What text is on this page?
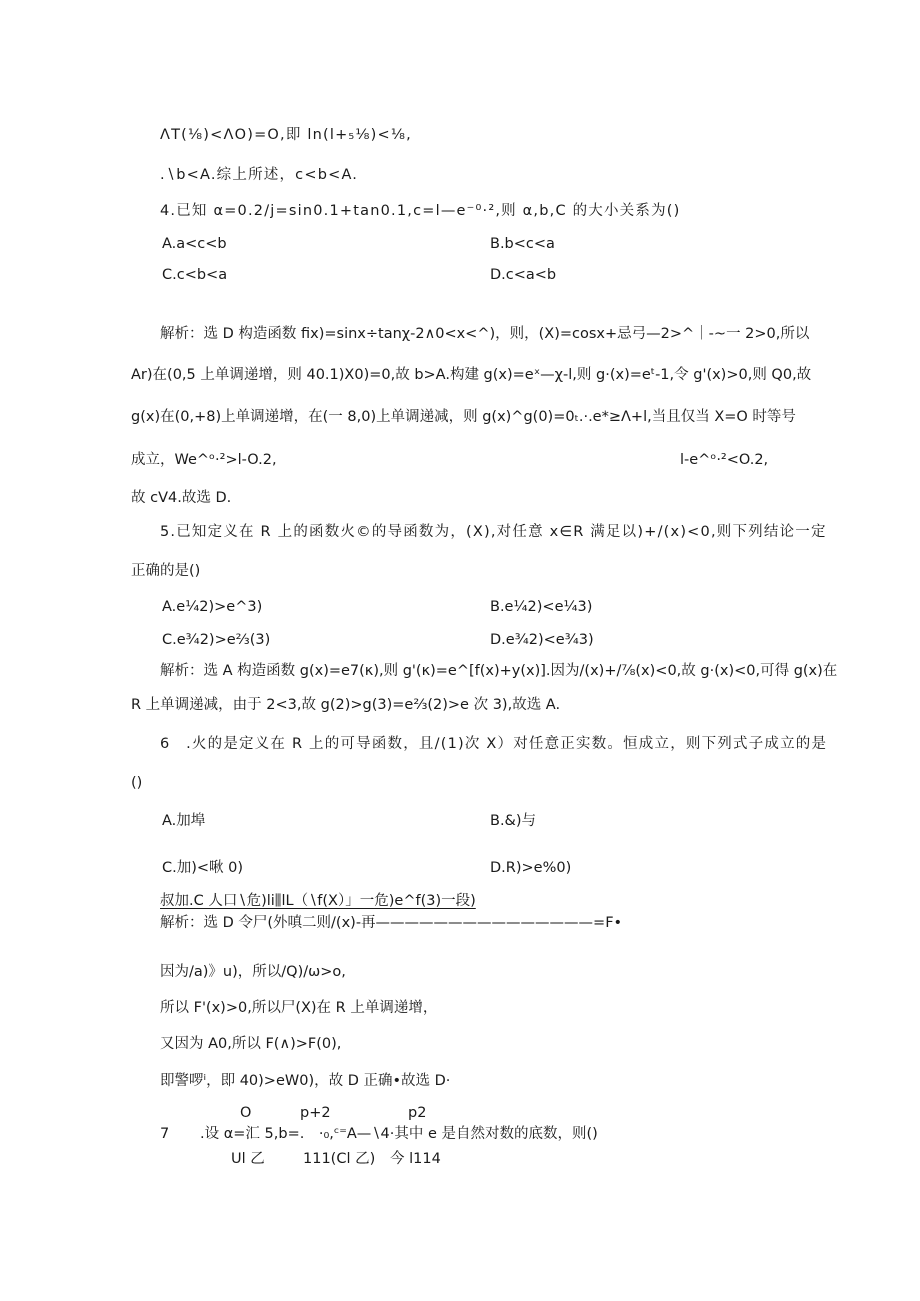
ΛT(⅛)<ΛO)=O,即 ln(l+₅⅛)<⅛,
.∖b<A.综上所述，c<b<A.
4.已知 α=0.2∕j=sin0.1+tan0.1,c=l—e⁻⁰·²,则 α,b,C 的大小关系为()
A.a<c<b	B.b<c<a
C.c<b<a	D.c<a<b
解析：选 D 构造函数 fix)=sinx÷tanχ-2∧0<x<^)，则，(X)=cosx+忌弓—2>^｜-~一 2>0,所以
Ar)在(0,5 上单调递增，则 40.1)X0)=0,故 b>A.构建 g(x)=eˣ—χ-l,则 g·(x)=eᵗ-1,令 g'(x)>0,则 Q0,故
g(x)在(0,+8)上单调递增，在(一 8,0)上单调递减，则 g(x)^g(0)=0ₜ.·.e*≥Λ+l,当且仅当 X=O 时等号
成立，We^ᵒ·²>l-O.2,	l-e^ᵒ·²<O.2,
故 cV4.故选 D.
5.已知定义在 R 上的函数火©的导函数为，(X),对任意 x∈R 满足以)+∕(x)<0,则下列结论一定
正确的是()
A.e¼2)>e^3)	B.e¼2)<e¼3)
C.e¾2)>e⅔(3)	D.e¾2)<e¾3)
解析：选 A 构造函数 g(x)=e7(κ),则 g'(κ)=e^[f(x)+y(x)].因为∕(x)+∕⅞(x)<0,故 g·(x)<0,可得 g(x)在
R 上单调递减，由于 2<3,故 g(2)>g(3)=e⅔(2)>e 次 3),故选 A.
6　.火的是定义在 R 上的可导函数，且/(1)次 X）对任意正实数。恒成立，则下列式子成立的是
()
A.加埠	B.&)与
C.加)<啾 0)	D.R)>e%0)
叔加.C 人口∖危)li⫼lL（∖f(X）」一危)e^f(3)一段)
解析：选 D 令尸(外嗔二则∕(x)-再———————————————=F•
因为∕a)》u)，所以/Q)∕ω>o,
所以 F'(x)>0,所以尸(X)在 R 上单调递增，
又因为 A0,所以 F(∧)>F(0),
即警啰ⁱ，即 40)>eW0)，故 D 正确•故选 D·
O	p+2	p2
7 .设 α=汇 5,b=.　·₀,ᶜ⁼A—∖4·其中 e 是自然对数的底数，则()
Ul 乙	111(Cl 乙) 今 l114
